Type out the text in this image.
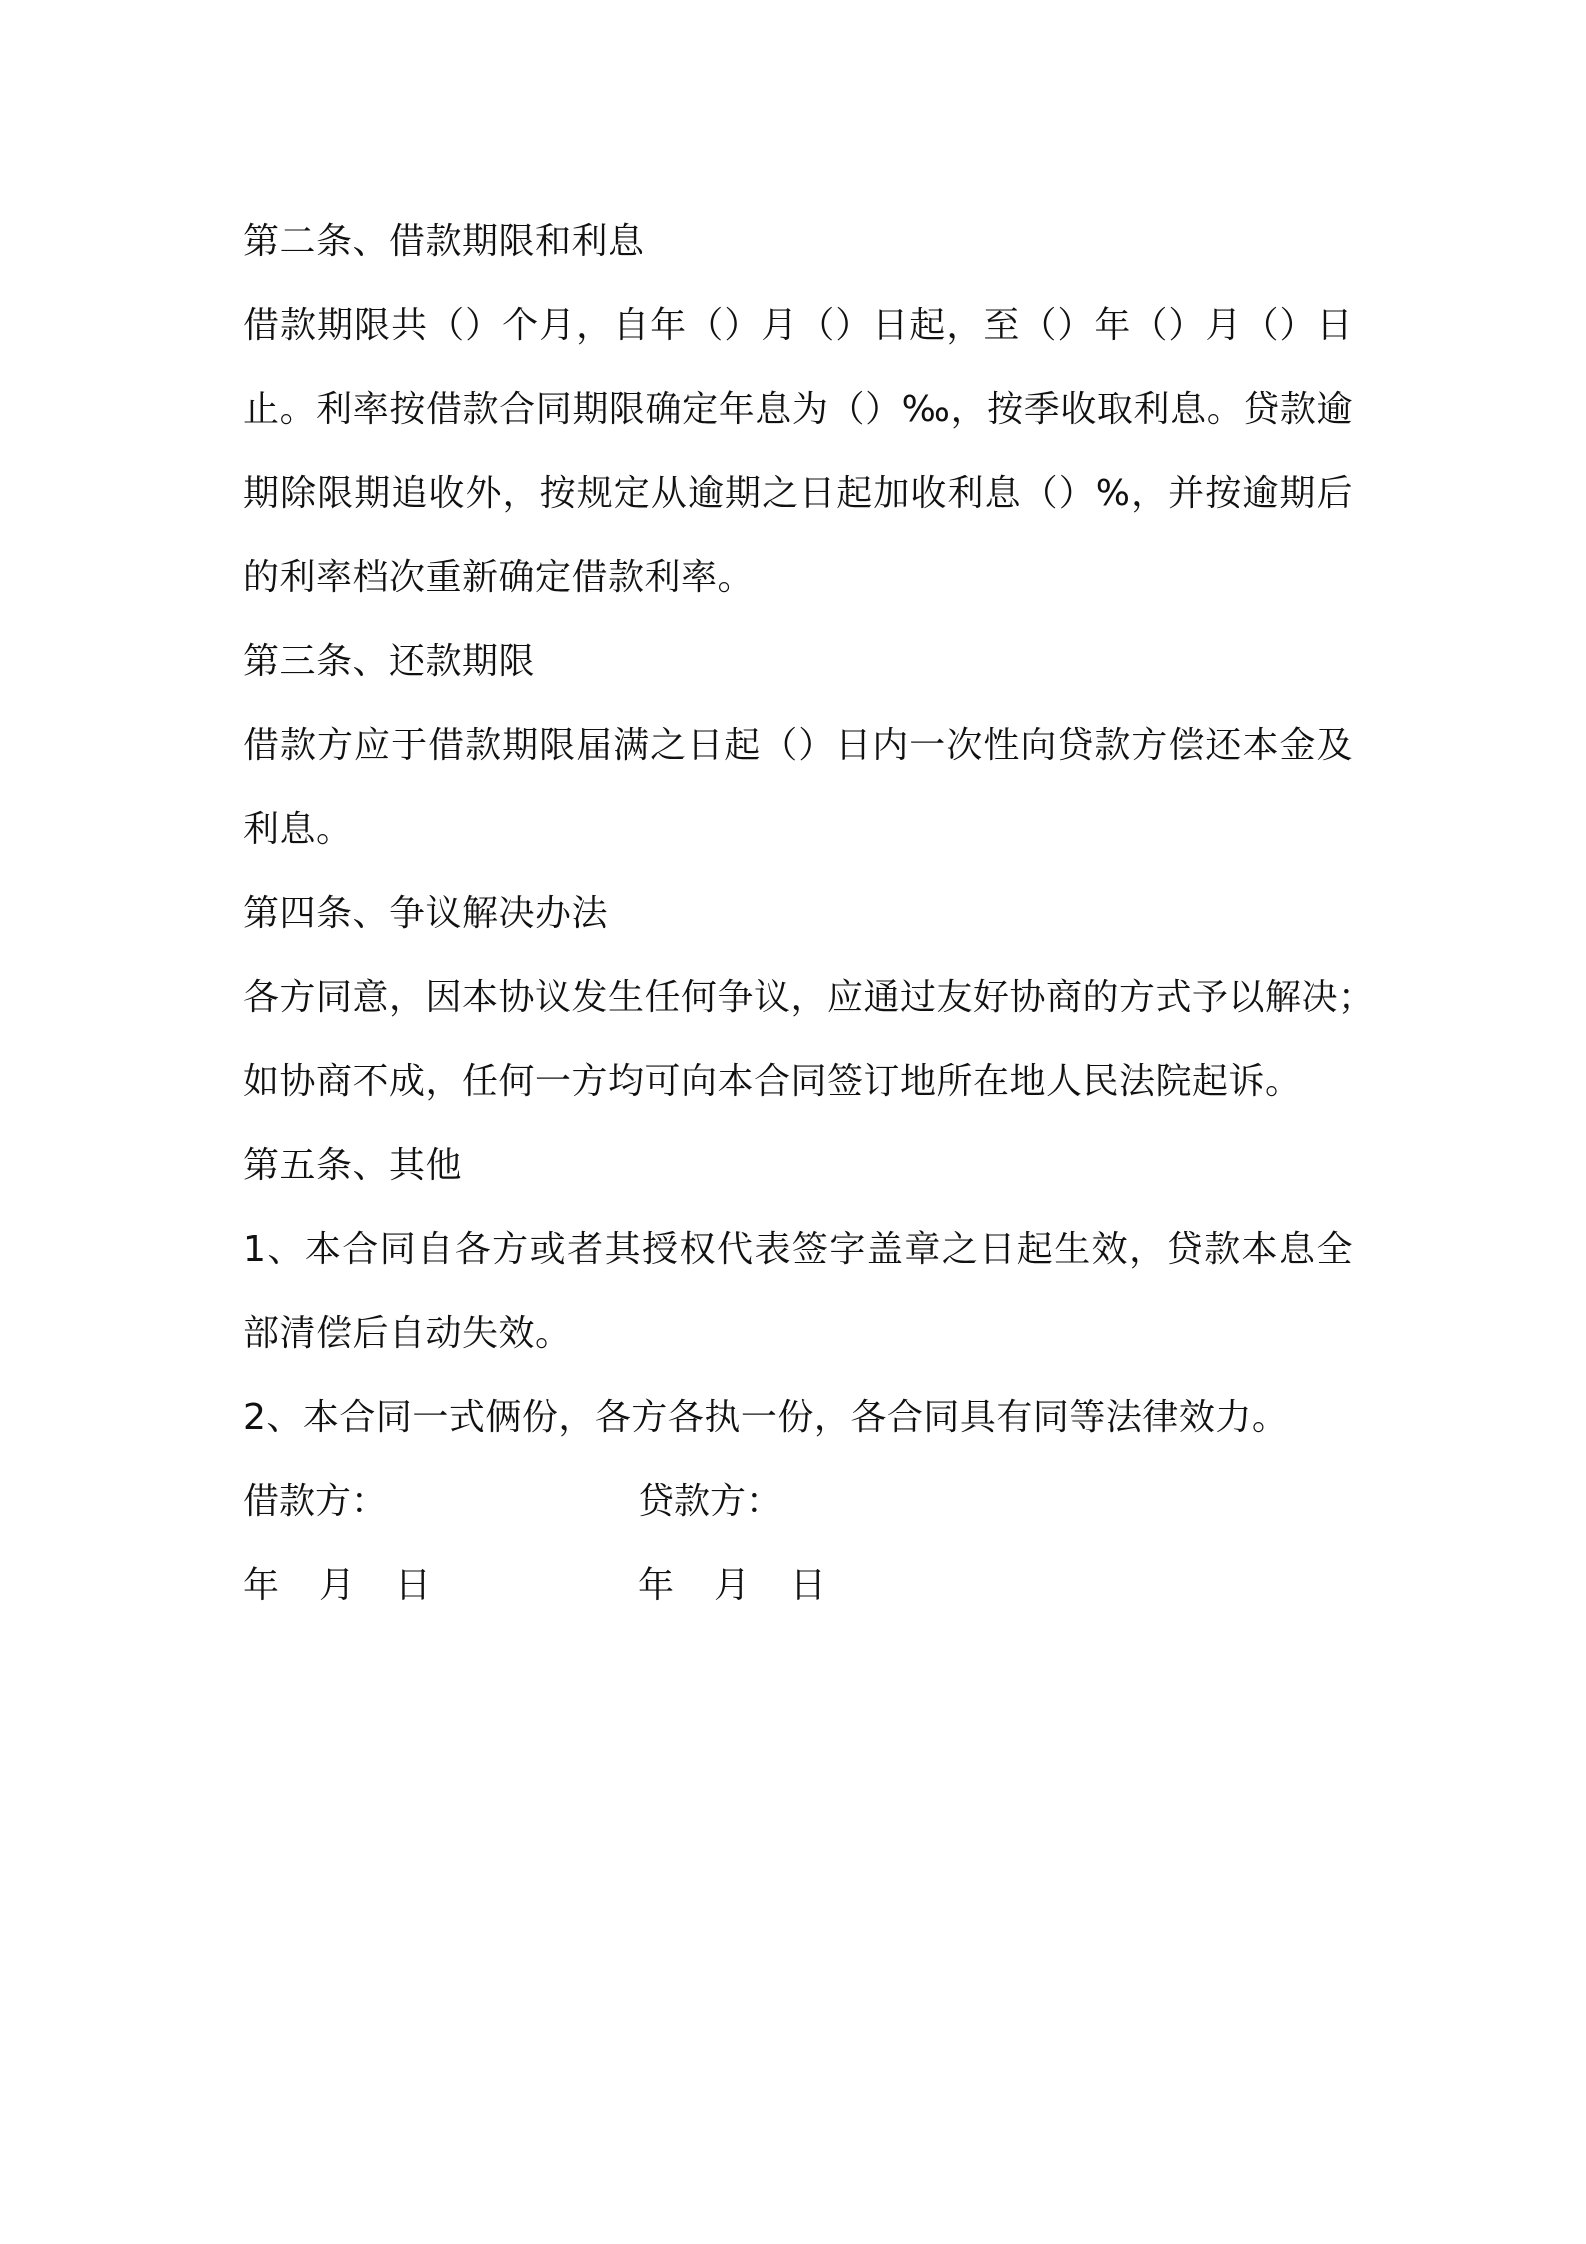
第二条、借款期限和利息
借款期限共（）个月，自年（）月（）日起，至（）年（）月（）日
止。利率按借款合同期限确定年息为（）‰，按季收取利息。贷款逾
期除限期追收外，按规定从逾期之日起加收利息（）%，并按逾期后
的利率档次重新确定借款利率。
第三条、还款期限
借款方应于借款期限届满之日起（）日内一次性向贷款方偿还本金及
利息。
第四条、争议解决办法
各方同意，因本协议发生任何争议，应通过友好协商的方式予以解决；
如协商不成，任何一方均可向本合同签订地所在地人民法院起诉。
第五条、其他
1、本合同自各方或者其授权代表签字盖章之日起生效，贷款本息全
部清偿后自动失效。
2、本合同一式俩份，各方各执一份，各合同具有同等法律效力。
借款方：	贷款方：
年 月 日	年 月 日
